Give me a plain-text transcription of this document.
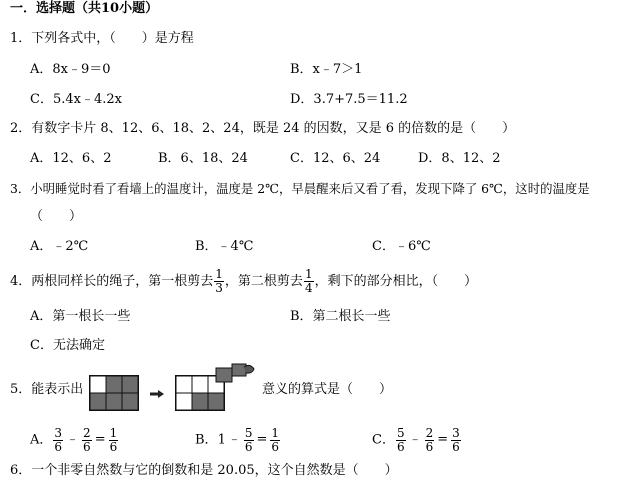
一．选择题（共10小题）
1．下列各式中，（　　）是方程
A．8x﹣9＝0	B．x﹣7＞1
C．5.4x﹣4.2x	D．3.7+7.5＝11.2
2．有数字卡片 8、12、6、18、2、24，既是 24 的因数，又是 6 的倍数的是（　　）
A．12、6、2	B．6、18、24	C．12、6、24	D．8、12、2
3．小明睡觉时看了看墙上的温度计，温度是 2℃，早晨醒来后又看了看，发现下降了 6℃，这时的温度是
（　　）
A．﹣2℃	B．﹣4℃	C．﹣6℃
4．两根同样长的绳子，第一根剪去 $\frac{1}{3}$ ，第二根剪去 $\frac{1}{4}$ ，剩下的部分相比，（　　）
A．第一根长一些	B．第二根长一些
C．无法确定
5．能表示出	意义的算式是（　　）
A． $\frac{3}{6}$ ﹣ $\frac{2}{6} = \frac{1}{6}$	B．1 ﹣ $\frac{5}{6} = \frac{1}{6}$	C． $\frac{5}{6}$ ﹣ $\frac{2}{6} = \frac{3}{6}$
6．一个非零自然数与它的倒数和是 20.05，这个自然数是（　　）
